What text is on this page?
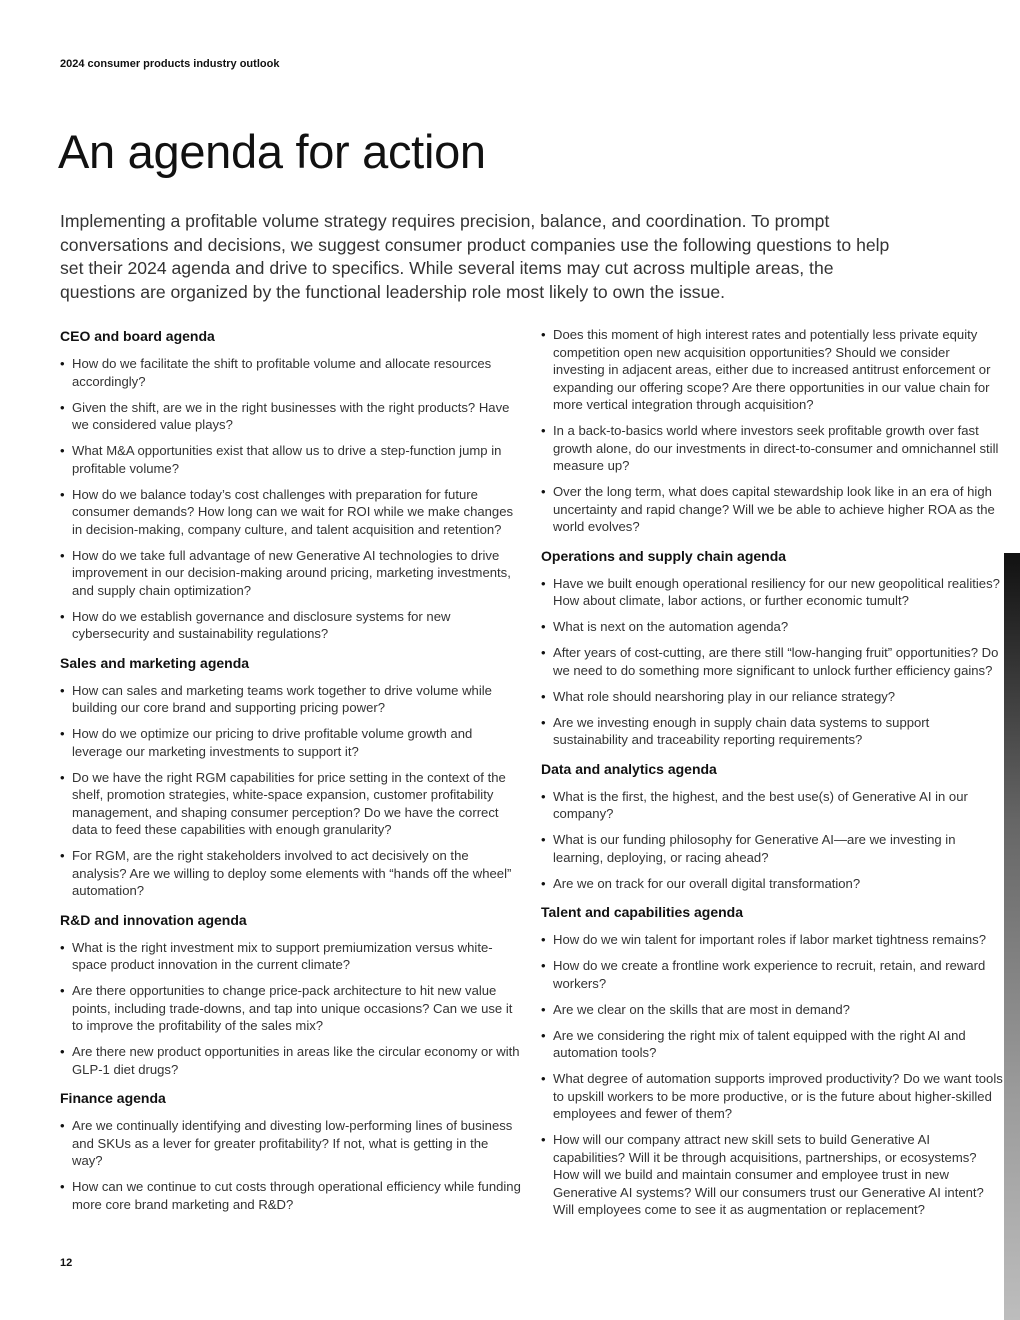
2024 consumer products industry outlook
An agenda for action

Implementing a profitable volume strategy requires precision, balance, and coordination. To prompt conversations and decisions, we suggest consumer product companies use the following questions to help set their 2024 agenda and drive to specifics. While several items may cut across multiple areas, the questions are organized by the functional leadership role most likely to own the issue.

CEO and board agenda
• How do we facilitate the shift to profitable volume and allocate resources accordingly?
• Given the shift, are we in the right businesses with the right products? Have we considered value plays?
• What M&A opportunities exist that allow us to drive a step-function jump in profitable volume?
• How do we balance today’s cost challenges with preparation for future consumer demands? How long can we wait for ROI while we make changes in decision-making, company culture, and talent acquisition and retention?
• How do we take full advantage of new Generative AI technologies to drive improvement in our decision-making around pricing, marketing investments, and supply chain optimization?
• How do we establish governance and disclosure systems for new cybersecurity and sustainability regulations?
Sales and marketing agenda
• How can sales and marketing teams work together to drive volume while building our core brand and supporting pricing power?
• How do we optimize our pricing to drive profitable volume growth and leverage our marketing investments to support it?
• Do we have the right RGM capabilities for price setting in the context of the shelf, promotion strategies, white-space expansion, customer profitability management, and shaping consumer perception? Do we have the correct data to feed these capabilities with enough granularity?
• For RGM, are the right stakeholders involved to act decisively on the analysis? Are we willing to deploy some elements with “hands off the wheel” automation?
R&D and innovation agenda
• What is the right investment mix to support premiumization versus white-space product innovation in the current climate?
• Are there opportunities to change price-pack architecture to hit new value points, including trade-downs, and tap into unique occasions? Can we use it to improve the profitability of the sales mix?
• Are there new product opportunities in areas like the circular economy or with GLP-1 diet drugs?
Finance agenda
• Are we continually identifying and divesting low-performing lines of business and SKUs as a lever for greater profitability? If not, what is getting in the way?
• How can we continue to cut costs through operational efficiency while funding more core brand marketing and R&D?
• Does this moment of high interest rates and potentially less private equity competition open new acquisition opportunities? Should we consider investing in adjacent areas, either due to increased antitrust enforcement or expanding our offering scope? Are there opportunities in our value chain for more vertical integration through acquisition?
• In a back-to-basics world where investors seek profitable growth over fast growth alone, do our investments in direct-to-consumer and omnichannel still measure up?
• Over the long term, what does capital stewardship look like in an era of high uncertainty and rapid change? Will we be able to achieve higher ROA as the world evolves?
Operations and supply chain agenda
• Have we built enough operational resiliency for our new geopolitical realities? How about climate, labor actions, or further economic tumult?
• What is next on the automation agenda?
• After years of cost-cutting, are there still “low-hanging fruit” opportunities? Do we need to do something more significant to unlock further efficiency gains?
• What role should nearshoring play in our reliance strategy?
• Are we investing enough in supply chain data systems to support sustainability and traceability reporting requirements?
Data and analytics agenda
• What is the first, the highest, and the best use(s) of Generative AI in our company?
• What is our funding philosophy for Generative AI—are we investing in learning, deploying, or racing ahead?
• Are we on track for our overall digital transformation?
Talent and capabilities agenda
• How do we win talent for important roles if labor market tightness remains?
• How do we create a frontline work experience to recruit, retain, and reward workers?
• Are we clear on the skills that are most in demand?
• Are we considering the right mix of talent equipped with the right AI and automation tools?
• What degree of automation supports improved productivity? Do we want tools to upskill workers to be more productive, or is the future about higher-skilled employees and fewer of them?
• How will our company attract new skill sets to build Generative AI capabilities? Will it be through acquisitions, partnerships, or ecosystems? How will we build and maintain consumer and employee trust in new Generative AI systems? Will our consumers trust our Generative AI intent? Will employees come to see it as augmentation or replacement?
12
